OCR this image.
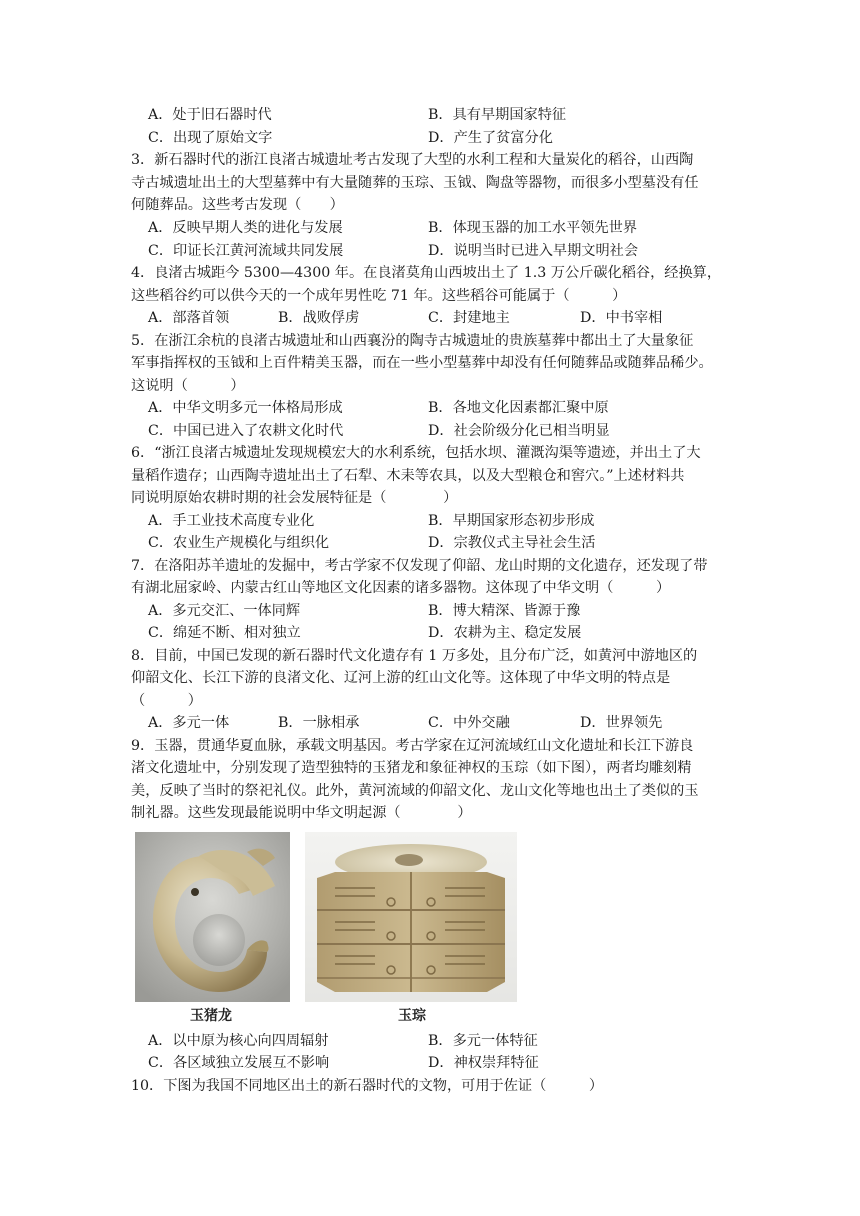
A．处于旧石器时代	B．具有早期国家特征
C．出现了原始文字	D．产生了贫富分化
3．新石器时代的浙江良渚古城遗址考古发现了大型的水利工程和大量炭化的稻谷，山西陶
寺古城遗址出土的大型墓葬中有大量随葬的玉琮、玉钺、陶盘等器物，而很多小型墓没有任
何随葬品。这些考古发现（　　）
A．反映早期人类的进化与发展	B．体现玉器的加工水平领先世界
C．印证长江黄河流域共同发展	D．说明当时已进入早期文明社会
4．良渚古城距今 5300—4300 年。在良渚莫角山西坡出土了 1.3 万公斤碳化稻谷，经换算，
这些稻谷约可以供今天的一个成年男性吃 71 年。这些稻谷可能属于（　　　）
A．部落首领	B．战败俘虏	C．封建地主	D．中书宰相
5．在浙江余杭的良渚古城遗址和山西襄汾的陶寺古城遗址的贵族墓葬中都出土了大量象征
军事指挥权的玉钺和上百件精美玉器，而在一些小型墓葬中却没有任何随葬品或随葬品稀少。
这说明（　　　）
A．中华文明多元一体格局形成	B．各地文化因素都汇聚中原
C．中国已进入了农耕文化时代	D．社会阶级分化已相当明显
6．“浙江良渚古城遗址发现规模宏大的水利系统，包括水坝、灌溉沟渠等遗迹，并出土了大
量稻作遗存；山西陶寺遗址出土了石犁、木耒等农具，以及大型粮仓和窖穴。”上述材料共
同说明原始农耕时期的社会发展特征是（　　　　）
A．手工业技术高度专业化	B．早期国家形态初步形成
C．农业生产规模化与组织化	D．宗教仪式主导社会生活
7．在洛阳苏羊遗址的发掘中，考古学家不仅发现了仰韶、龙山时期的文化遗存，还发现了带
有湖北屈家岭、内蒙古红山等地区文化因素的诸多器物。这体现了中华文明（　　　）
A．多元交汇、一体同辉	B．博大精深、皆源于豫
C．绵延不断、相对独立	D．农耕为主、稳定发展
8．目前，中国已发现的新石器时代文化遗存有 1 万多处，且分布广泛，如黄河中游地区的
仰韶文化、长江下游的良渚文化、辽河上游的红山文化等。这体现了中华文明的特点是
（　　　）
A．多元一体	B．一脉相承	C．中外交融	D．世界领先
9．玉器，贯通华夏血脉，承载文明基因。考古学家在辽河流域红山文化遗址和长江下游良
渚文化遗址中，分别发现了造型独特的玉猪龙和象征神权的玉琮（如下图），两者均雕刻精
美，反映了当时的祭祀礼仪。此外，黄河流域的仰韶文化、龙山文化等地也出土了类似的玉
制礼器。这些发现最能说明中华文明起源（　　　　）
玉猪龙	玉琮
A．以中原为核心向四周辐射	B．多元一体特征
C．各区域独立发展互不影响	D．神权崇拜特征
10．下图为我国不同地区出土的新石器时代的文物，可用于佐证（　　　）
